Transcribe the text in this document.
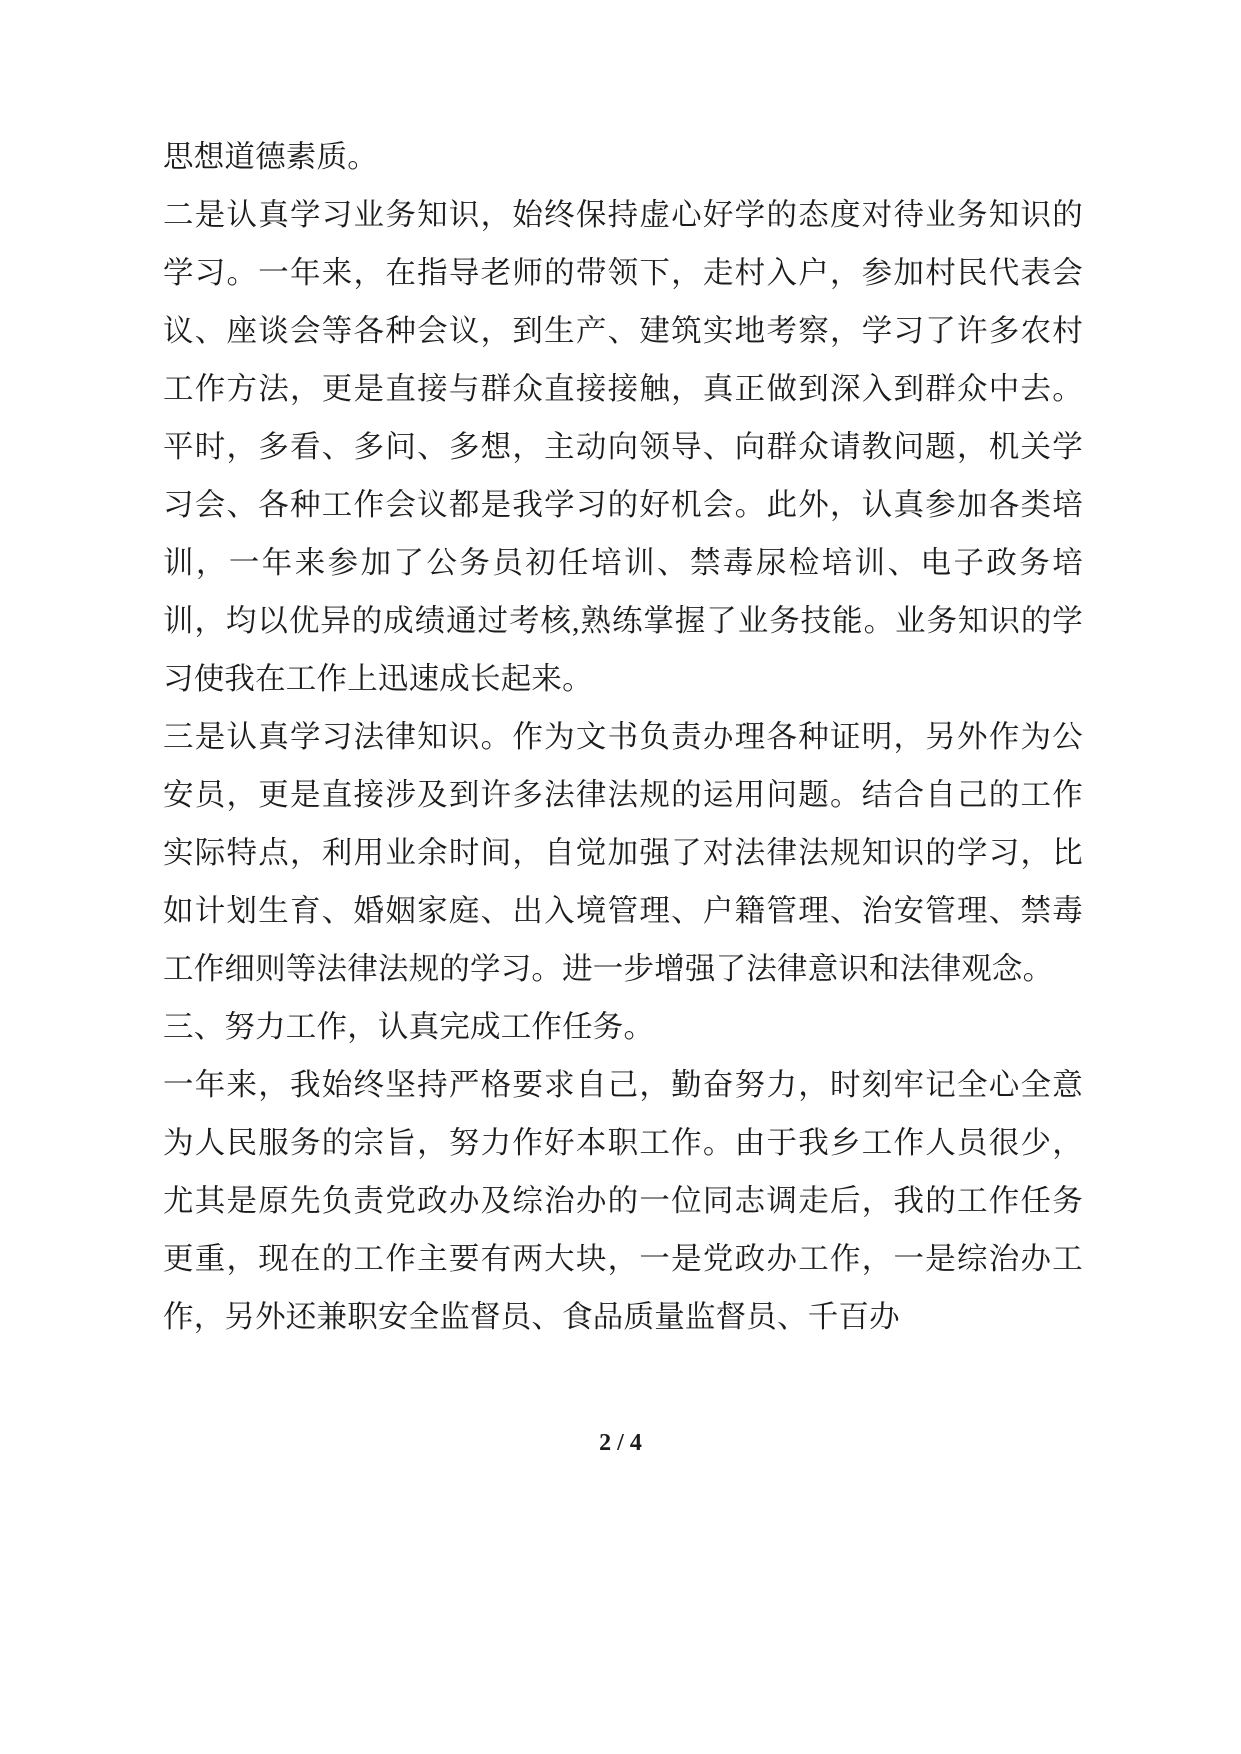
思想道德素质。

二是认真学习业务知识，始终保持虚心好学的态度对待业务知识的学习。一年来，在指导老师的带领下，走村入户，参加村民代表会议、座谈会等各种会议，到生产、建筑实地考察，学习了许多农村工作方法，更是直接与群众直接接触，真正做到深入到群众中去。平时，多看、多问、多想，主动向领导、向群众请教问题，机关学习会、各种工作会议都是我学习的好机会。此外，认真参加各类培训，一年来参加了公务员初任培训、禁毒尿检培训、电子政务培训，均以优异的成绩通过考核,熟练掌握了业务技能。业务知识的学习使我在工作上迅速成长起来。

三是认真学习法律知识。作为文书负责办理各种证明，另外作为公安员，更是直接涉及到许多法律法规的运用问题。结合自己的工作实际特点，利用业余时间，自觉加强了对法律法规知识的学习，比如计划生育、婚姻家庭、出入境管理、户籍管理、治安管理、禁毒工作细则等法律法规的学习。进一步增强了法律意识和法律观念。

三、努力工作，认真完成工作任务。

一年来，我始终坚持严格要求自己，勤奋努力，时刻牢记全心全意为人民服务的宗旨，努力作好本职工作。由于我乡工作人员很少，尤其是原先负责党政办及综治办的一位同志调走后，我的工作任务更重，现在的工作主要有两大块，一是党政办工作，一是综治办工作，另外还兼职安全监督员、食品质量监督员、千百办

2 / 4
